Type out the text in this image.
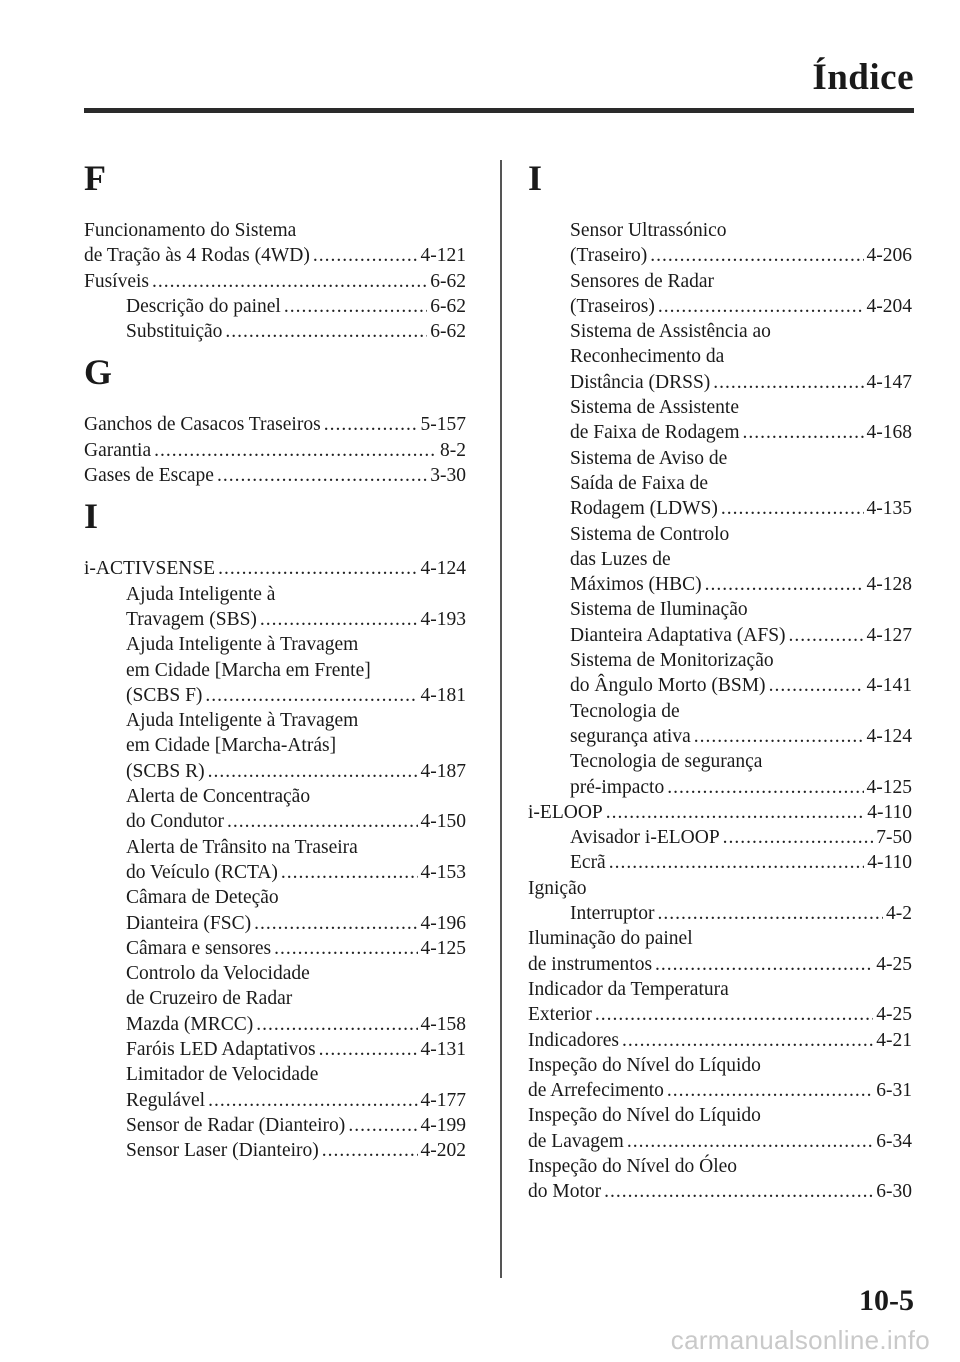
Índice
F
Funcionamento do Sistema
de Tração às 4 Rodas (4WD) .....	4-121
Fusíveis .....	6-62
Descrição do painel .....	6-62
Substituição .....	6-62
G
Ganchos de Casacos Traseiros .....	5-157
Garantia .....	8-2
Gases de Escape .....	3-30
I
i-ACTIVSENSE .....	4-124
Ajuda Inteligente à
Travagem (SBS) .....	4-193
Ajuda Inteligente à Travagem
em Cidade [Marcha em Frente]
(SCBS F) .....	4-181
Ajuda Inteligente à Travagem
em Cidade [Marcha-Atrás]
(SCBS R) .....	4-187
Alerta de Concentração
do Condutor .....	4-150
Alerta de Trânsito na Traseira
do Veículo (RCTA) .....	4-153
Câmara de Deteção
Dianteira (FSC) .....	4-196
Câmara e sensores .....	4-125
Controlo da Velocidade
de Cruzeiro de Radar
Mazda (MRCC) .....	4-158
Faróis LED Adaptativos .....	4-131
Limitador de Velocidade
Regulável .....	4-177
Sensor de Radar (Dianteiro) .....	4-199
Sensor Laser (Dianteiro) .....	4-202
I
Sensor Ultrassónico
(Traseiro) .....	4-206
Sensores de Radar
(Traseiros) .....	4-204
Sistema de Assistência ao
Reconhecimento da
Distância (DRSS) .....	4-147
Sistema de Assistente
de Faixa de Rodagem .....	4-168
Sistema de Aviso de
Saída de Faixa de
Rodagem (LDWS) .....	4-135
Sistema de Controlo
das Luzes de
Máximos (HBC) .....	4-128
Sistema de Iluminação
Dianteira Adaptativa (AFS) .....	4-127
Sistema de Monitorização
do Ângulo Morto (BSM) .....	4-141
Tecnologia de
segurança ativa .....	4-124
Tecnologia de segurança
pré-impacto .....	4-125
i-ELOOP .....	4-110
Avisador i-ELOOP .....	7-50
Ecrã .....	4-110
Ignição
Interruptor .....	4-2
Iluminação do painel
de instrumentos .....	4-25
Indicador da Temperatura
Exterior .....	4-25
Indicadores .....	4-21
Inspeção do Nível do Líquido
de Arrefecimento .....	6-31
Inspeção do Nível do Líquido
de Lavagem .....	6-34
Inspeção do Nível do Óleo
do Motor .....	6-30
10-5
carmanualsonline.info
